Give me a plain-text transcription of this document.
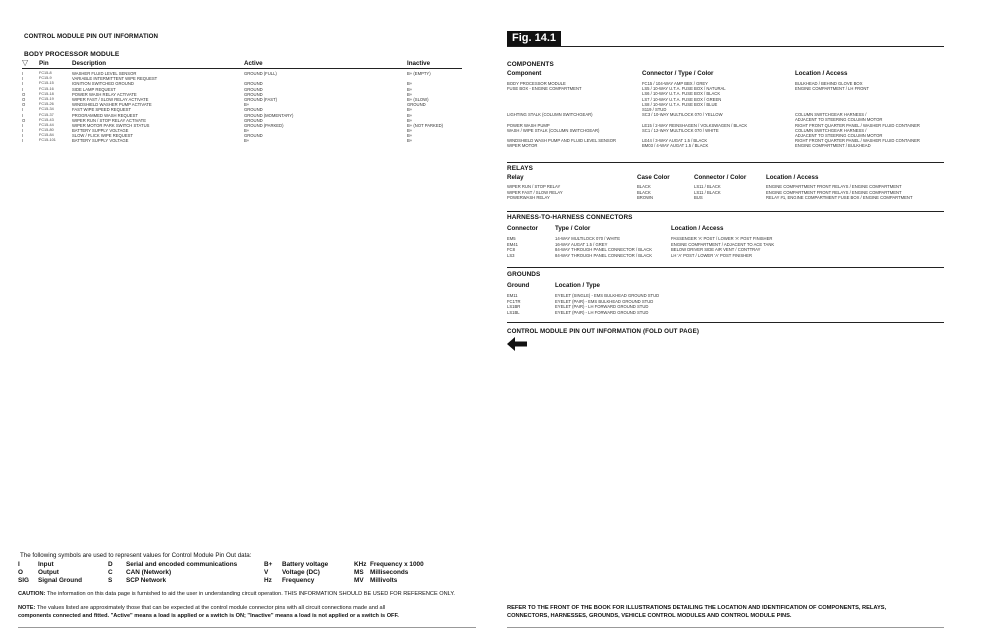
CONTROL MODULE PIN OUT INFORMATION
BODY PROCESSOR MODULE
▽ Pin	Description	Active	Inactive
I	FC15-8	WASHER FLUID LEVEL SENSOR	GROUND (FULL)	B+ (EMPTY)
I	FC15-9	VARIABLE INTERMITTENT WIPE REQUEST
I	FC15-15	IGNITION SWITCHED GROUND	GROUND	B+
I	FC15-16	SIDE LAMP REQUEST	GROUND	B+
O	FC15-18	POWER WASH RELAY ACTIVATE	GROUND	B+
O	FC15-19	WIPER FAST / SLOW RELAY ACTIVATE	GROUND (FAST)	B+ (SLOW)
O	FC15-26	WINDSHIELD WASHER PUMP ACTIVATE	B+	GROUND
I	FC15-34	FAST WIPE SPEED REQUEST	GROUND	B+
I	FC15-37	PROGRAMMED WASH REQUEST	GROUND (MOMENTARY)	B+
O	FC15-43	WIPER RUN / STOP RELAY ACTIVATE	GROUND	B+
I	FC15-44	WIPER MOTOR PARK SWITCH STATUS	GROUND (PARKED)	B+ (NOT PARKED)
I	FC15-80	BATTERY SUPPLY VOLTAGE	B+	B+
I	FC15-84	SLOW / FLICK WIPE REQUEST	GROUND	B+
I	FC15-101	BATTERY SUPPLY VOLTAGE	B+	B+
The following symbols are used to represent values for Control Module Pin Out data:
I	Input
O Output
SIG Signal Ground
D Serial and encoded communications
C CAN (Network)
S SCP Network
B+ Battery voltage
V Voltage (DC)
Hz Frequency
KHz Frequency x 1000
MS Milliseconds
MV Millivolts
CAUTION: The information on this data page is furnished to aid the user in understanding circuit operation. THIS INFORMATION SHOULD BE USED FOR REFERENCE ONLY.
NOTE: The values listed are approximately those that can be expected at the control module connector pins with all circuit connections made and all
components connected and fitted. "Active" means a load is applied or a switch is ON; "Inactive" means a load is not applied or a switch is OFF.
Fig. 14.1
COMPONENTS
Component	Connector / Type / Color	Location / Access
BODY PROCESSOR MODULE	FC15 / 104-WAY AMP BBX / GREY	BULKHEAD / BEHIND GLOVE BOX
FUSE BOX - ENGINE COMPARTMENT	LS5 / 10-WAY U.T.A. FUSE BOX / NATURAL	ENGINE COMPARTMENT / LH FRONT
LS6 / 10-WAY U.T.A. FUSE BOX / BLACK
LS7 / 10-WAY U.T.A. FUSE BOX / GREEN
LS8 / 10-WAY U.T.A. FUSE BOX / BLUE
S119 / STUD
LIGHTING STALK (COLUMN SWITCHGEAR)	SC3 / 10-WAY MULTILOCK 070 / YELLOW	COLUMN SWITCHGEAR HARNESS /
ADJACENT TO STEERING COLUMN MOTOR
POWER WASH PUMP	LE15 / 2-WAY REINSHAGEN / VOLKSWAGEN / BLACK	RIGHT FRONT QUARTER PANEL / WASHER FLUID CONTAINER
WASH / WIPE STALK (COLUMN SWITCHGEAR)	SC1 / 12-WAY MULTILOCK 070 / WHITE	COLUMN SWITCHGEAR HARNESS /
ADJACENT TO STEERING COLUMN MOTOR
WINDSHIELD WASH PUMP AND FLUID LEVEL SENSOR	LE44 / 3-WAY AUGAT 1.5 / BLACK	RIGHT FRONT QUARTER PANEL / WASHER FLUID CONTAINER
WIPER MOTOR	BM03 / 4-WAY AUGAT 1.5 / BLACK	ENGINE COMPARTMENT / BULKHEAD
RELAYS
Relay	Case Color	Connector / Color	Location / Access
WIPER RUN / STOP RELAY	BLACK	LS11 / BLACK	ENGINE COMPARTMENT FRONT RELAYS / ENGINE COMPARTMENT
WIPER FAST / SLOW RELAY	BLACK	LS11 / BLACK	ENGINE COMPARTMENT FRONT RELAYS / ENGINE COMPARTMENT
POWERWASH RELAY	BROWN	BUS	RELAY #1, ENGINE COMPARTMENT FUSE BOX / ENGINE COMPARTMENT
HARNESS-TO-HARNESS CONNECTORS
Connector	Type / Color	Location / Access
EM5	14-WAY MULTILOCK 070 / WHITE	PASSENGER 'A' POST / LOWER 'A' POST FINISHER
EM41	16-WAY AUGAT 1.5 / GREY	ENGINE COMPARTMENT / ADJACENT TO ACE TANK
FC8	84-WAY THROUGH PANEL CONNECTOR / BLACK	BELOW DRIVER SIDE AIR VENT / CONTTRAY
LS3	84-WAY THROUGH PANEL CONNECTOR / BLACK	LH 'A' POST / LOWER 'A' POST FINISHER
GROUNDS
Ground	Location / Type
EM11	EYELET (SINGLE) - EMS BULKHEAD GROUND STUD
FC1TR	EYELET (PAIR) - EMS BULKHEAD GROUND STUD
LS1BR	EYELET (PAIR) - LH FORWARD GROUND STUD
LS1BL	EYELET (PAIR) - LH FORWARD GROUND STUD
CONTROL MODULE PIN OUT INFORMATION (FOLD OUT PAGE)
REFER TO THE FRONT OF THE BOOK FOR ILLUSTRATIONS DETAILING THE LOCATION AND IDENTIFICATION OF COMPONENTS, RELAYS,
CONNECTORS, HARNESSES, GROUNDS, VEHICLE CONTROL MODULES AND CONTROL MODULE PINS.
